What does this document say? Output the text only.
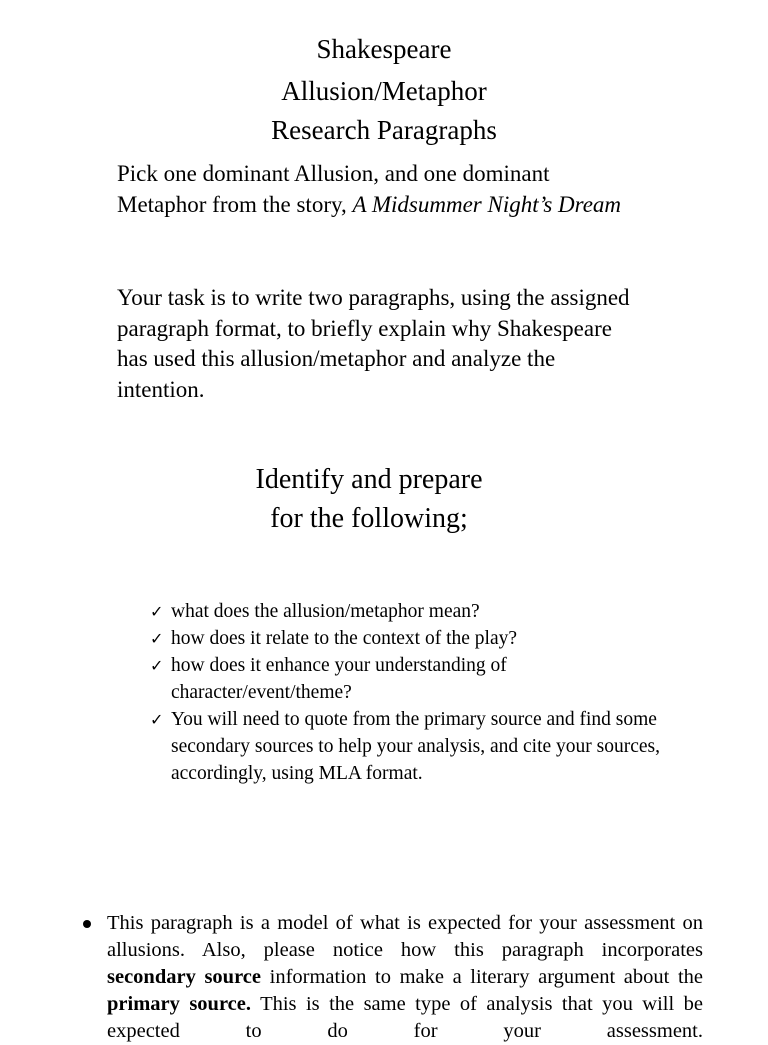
Shakespeare
Allusion/Metaphor
Research Paragraphs

Pick one dominant Allusion, and one dominant Metaphor from the story, A Midsummer Night’s Dream

Your task is to write two paragraphs, using the assigned paragraph format, to briefly explain why Shakespeare has used this allusion/metaphor and analyze the intention.

Identify and prepare

for the following;

✓ what does the allusion/metaphor mean?
✓ how does it relate to the context of the play?
✓ how does it enhance your understanding of character/event/theme?
✓ You will need to quote from the primary source and find some secondary sources to help your analysis, and cite your sources, accordingly, using MLA format.
This paragraph is a model of what is expected for your assessment on allusions. Also, please notice how this paragraph incorporates secondary source information to make a literary argument about the primary source. This is the same type of analysis that you will be expected to do for your assessment.
